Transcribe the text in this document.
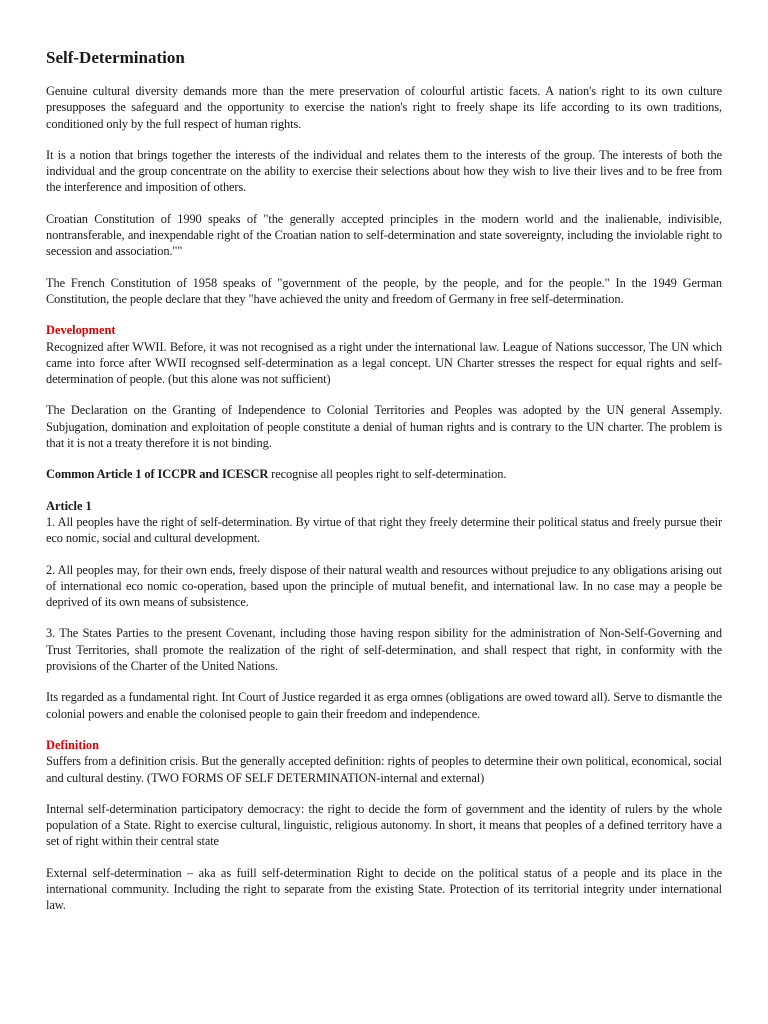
Self-Determination

Genuine cultural diversity demands more than the mere preservation of colourful artistic facets. A nation's right to its own culture presupposes the safeguard and the opportunity to exercise the nation's right to freely shape its life according to its own traditions, conditioned only by the full respect of human rights.

It is a notion that brings together the interests of the individual and relates them to the interests of the group. The interests of both the individual and the group concentrate on the ability to exercise their selections about how they wish to live their lives and to be free from the interference and imposition of others.

Croatian Constitution of 1990 speaks of "the generally accepted principles in the modern world and the inalienable, indivisible, nontransferable, and inexpendable right of the Croatian nation to self-determination and state sovereignty, including the inviolable right to secession and association.""

The French Constitution of 1958 speaks of "government of the people, by the people, and for the people." In the 1949 German Constitution, the people declare that they "have achieved the unity and freedom of Germany in free self-determination.

Development

Recognized after WWII. Before, it was not recognised as a right under the international law. League of Nations successor, The UN which came into force after WWII recognsed self-determination as a legal concept. UN Charter stresses the respect for equal rights and self-determination of people. (but this alone was not sufficient)

The Declaration on the Granting of Independence to Colonial Territories and Peoples was adopted by the UN general Assemply. Subjugation, domination and exploitation of people constitute a denial of human rights and is contrary to the UN charter. The problem is that it is not a treaty therefore it is not binding.

Common Article 1 of ICCPR and ICESCR recognise all peoples right to self-determination.

Article 1

1. All peoples have the right of self-determination. By virtue of that right they freely determine their political status and freely pursue their eco nomic, social and cultural development.

2. All peoples may, for their own ends, freely dispose of their natural wealth and resources without prejudice to any obligations arising out of international eco nomic co-operation, based upon the principle of mutual benefit, and international law. In no case may a people be deprived of its own means of subsistence.

3. The States Parties to the present Covenant, including those having respon sibility for the administration of Non-Self-Governing and Trust Territories, shall promote the realization of the right of self-determination, and shall respect that right, in conformity with the provisions of the Charter of the United Nations.

Its regarded as a fundamental right. Int Court of Justice regarded it as erga omnes (obligations are owed toward all). Serve to dismantle the colonial powers and enable the colonised people to gain their freedom and independence.

Definition

Suffers from a definition crisis. But the generally accepted definition: rights of peoples to determine their own political, economical, social and cultural destiny. (TWO FORMS OF SELF DETERMINATION-internal and external)

Internal self-determination participatory democracy: the right to decide the form of government and the identity of rulers by the whole population of a State. Right to exercise cultural, linguistic, religious autonomy. In short, it means that peoples of a defined territory have a set of right within their central state

External self-determination – aka as fuill self-determination Right to decide on the political status of a people and its place in the international community. Including the right to separate from the existing State. Protection of its territorial integrity under international law.
